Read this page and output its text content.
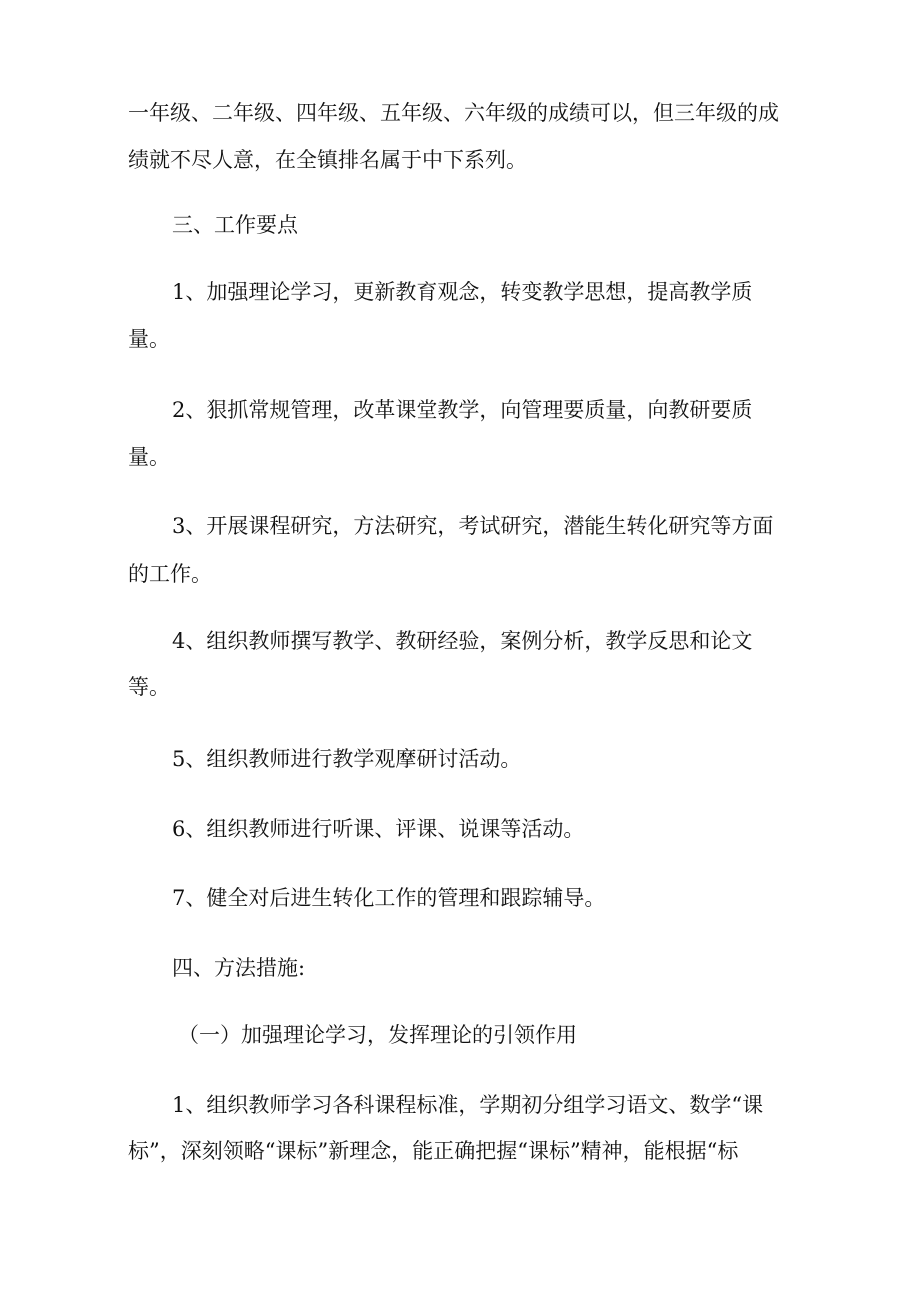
一年级、二年级、四年级、五年级、六年级的成绩可以，但三年级的成
绩就不尽人意，在全镇排名属于中下系列。
三、工作要点
1、加强理论学习，更新教育观念，转变教学思想，提高教学质
量。
2、狠抓常规管理，改革课堂教学，向管理要质量，向教研要质
量。
3、开展课程研究，方法研究，考试研究，潜能生转化研究等方面
的工作。
4、组织教师撰写教学、教研经验，案例分析，教学反思和论文
等。
5、组织教师进行教学观摩研讨活动。
6、组织教师进行听课、评课、说课等活动。
7、健全对后进生转化工作的管理和跟踪辅导。
四、方法措施:
（一）加强理论学习，发挥理论的引领作用
1、组织教师学习各科课程标准，学期初分组学习语文、数学“课
标”，深刻领略“课标”新理念，能正确把握“课标”精神，能根据“标
